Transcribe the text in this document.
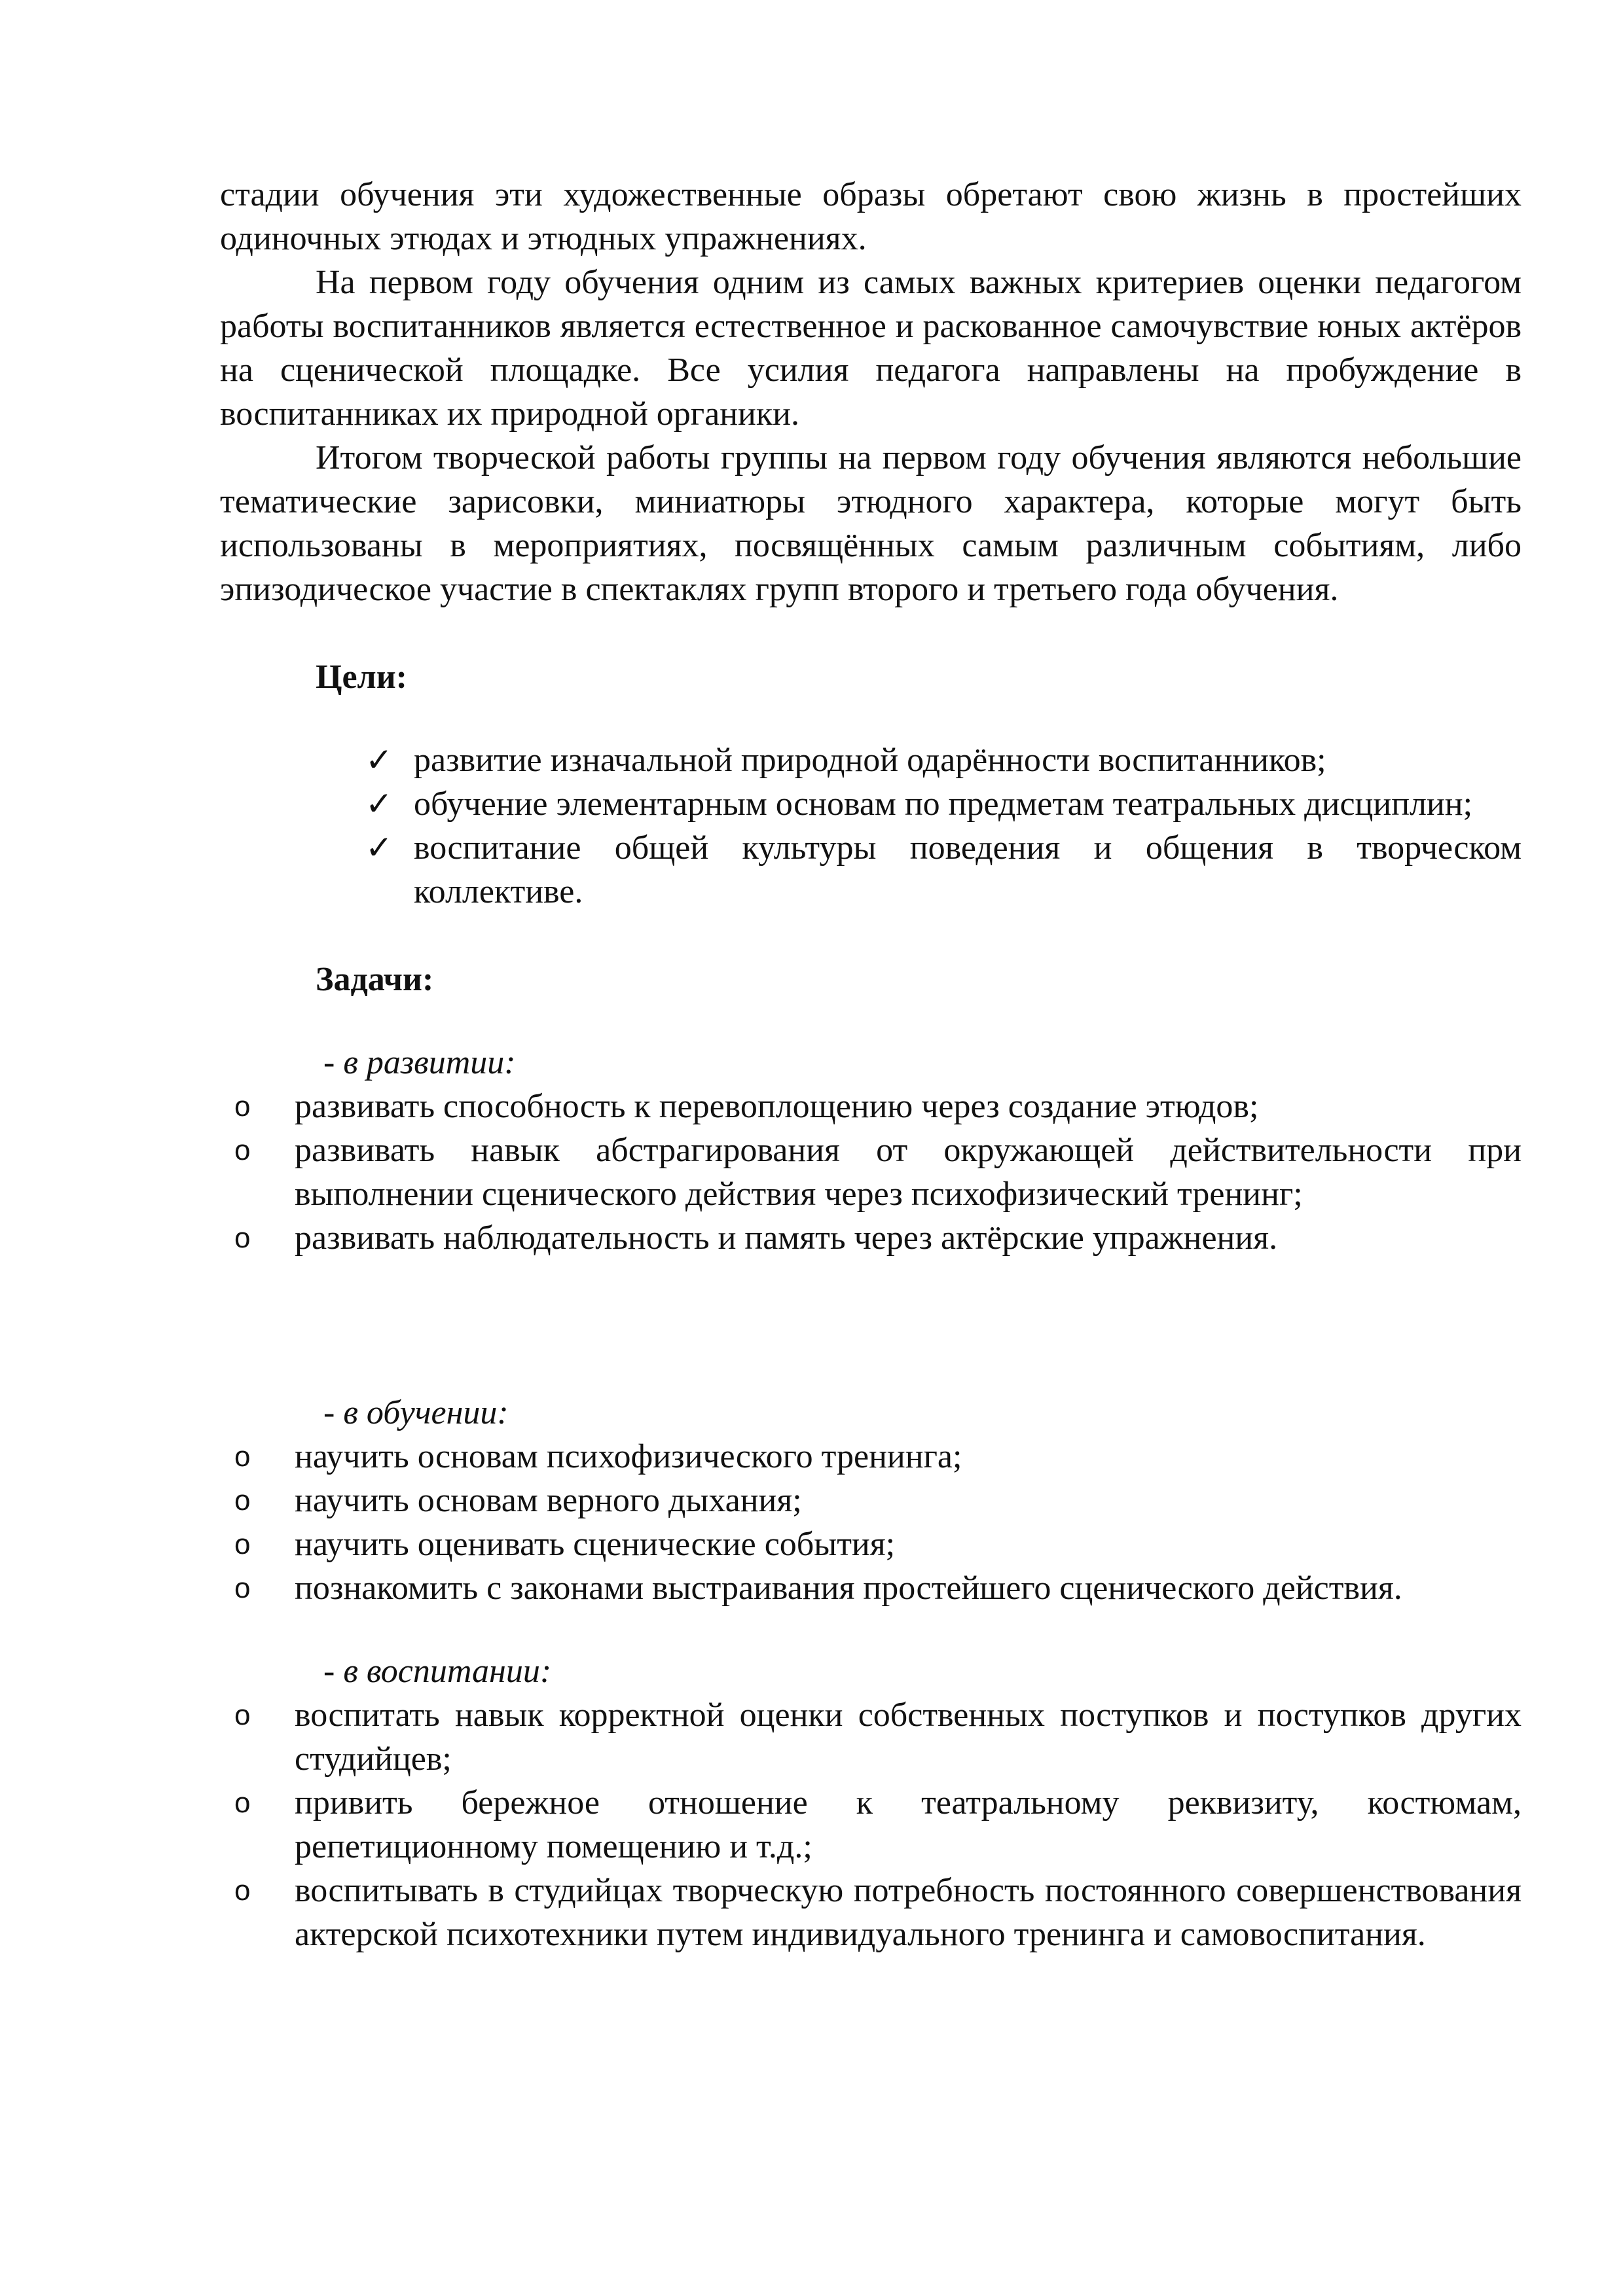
стадии обучения эти художественные образы обретают свою жизнь в простейших одиночных этюдах и этюдных упражнениях.

На первом году обучения одним из самых важных критериев оценки педагогом работы воспитанников является естественное и раскованное самочувствие юных актёров на сценической площадке. Все усилия педагога направлены на пробуждение в воспитанниках их природной органики.

Итогом творческой работы группы на первом году обучения являются небольшие тематические зарисовки, миниатюры этюдного характера, которые могут быть использованы в мероприятиях, посвящённых самым различным событиям, либо эпизодическое участие в спектаклях групп второго и третьего года обучения.

Цели:
✓ развитие изначальной природной одарённости воспитанников;
✓ обучение элементарным основам по предметам театральных дисциплин;
✓ воспитание общей культуры поведения и общения в творческом коллективе.
Задачи:

- в развитии:

o развивать способность к перевоплощению через создание этюдов;
o развивать навык абстрагирования от окружающей действительности при выполнении сценического действия через психофизический тренинг;
o развивать наблюдательность и память через актёрские упражнения.

- в обучении:

o научить основам психофизического тренинга;
o научить основам верного дыхания;
o научить оценивать сценические события;
o познакомить с законами выстраивания простейшего сценического действия.

- в воспитании:

o воспитать навык корректной оценки собственных поступков и поступков других студийцев;
o привить бережное отношение к театральному реквизиту, костюмам, репетиционному помещению и т.д.;
o воспитывать в студийцах творческую потребность постоянного совершенствования актерской психотехники путем индивидуального тренинга и самовоспитания.
